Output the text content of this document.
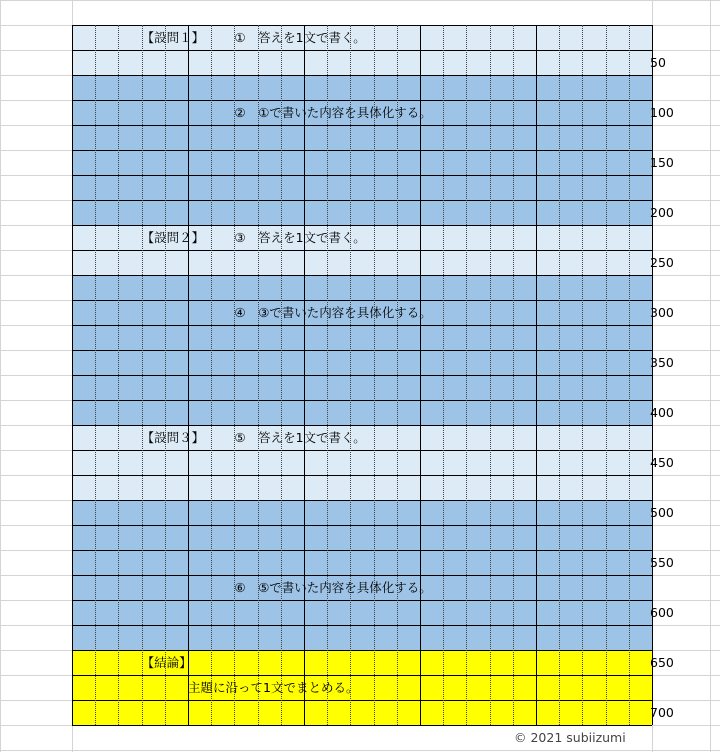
【設問１】 ①　答えを1文で書く。
②　①で書いた内容を具体化する。
【設問２】 ③　答えを1文で書く。
④　③で書いた内容を具体化する。
【設問３】 ⑤　答えを1文で書く。
⑥　⑤で書いた内容を具体化する。
【結論】
主題に沿って1文でまとめる。
50
100
150
200
250
300
350
400
450
500
550
600
650
700
© 2021 subiizumi
